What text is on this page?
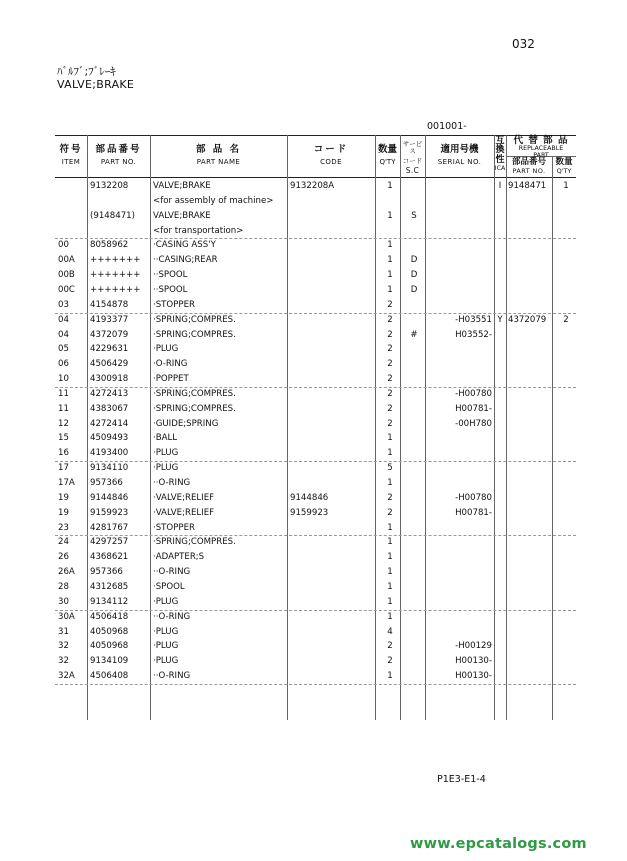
032
ﾊﾞﾙﾌﾞ;ﾌﾞﾚｰｷ
VALVE;BRAKE
001001-
符号
ITEM
部品番号
PART NO.
部 品 名
PART NAME
コード
CODE
数量
Q'TY
サービス
コード
S.C
適用号機
SERIAL NO.
互
換
性
ICA
代 替 部 品
REPLACEABLE
PART
部品番号
PART NO.
数量
Q'TY
9132208	VALVE;BRAKE	9132208A	1	I 9148471	1
<for assembly of machine>
(9148471) VALVE;BRAKE	1	S
<for transportation>
00 8058962	·CASING ASS'Y	1
00A +++++++ ··CASING;REAR	1	D
00B +++++++ ··SPOOL	1	D
00C +++++++ ··SPOOL	1	D
03 4154878	·STOPPER	2
04 4193377	·SPRING;COMPRES.	2	-H03551 Y 4372079	2
04 4372079	·SPRING;COMPRES.	2	#	H03552-
05 4229631	·PLUG	2
06 4506429	·O-RING	2
10 4300918	·POPPET	2
11 4272413	·SPRING;COMPRES.	2	-H00780
11 4383067	·SPRING;COMPRES.	2	H00781-
12 4272414	·GUIDE;SPRING	2	-00H780
15 4509493	·BALL	1
16 4193400	·PLUG	1
17 9134110	·PLUG	5
17A 957366	··O-RING	1
19 9144846	·VALVE;RELIEF	9144846	2	-H00780
19 9159923	·VALVE;RELIEF	9159923	2	H00781-
23 4281767	·STOPPER	1
24 4297257	·SPRING;COMPRES.	1
26 4368621	·ADAPTER;S	1
26A 957366	··O-RING	1
28 4312685	·SPOOL	1
30 9134112	·PLUG	1
30A 4506418	··O-RING	1
31 4050968	·PLUG	4
32 4050968	·PLUG	2	-H00129
32 9134109	·PLUG	2	H00130-
32A 4506408	··O-RING	1	H00130-
P1E3-E1-4
www.epcatalogs.com
